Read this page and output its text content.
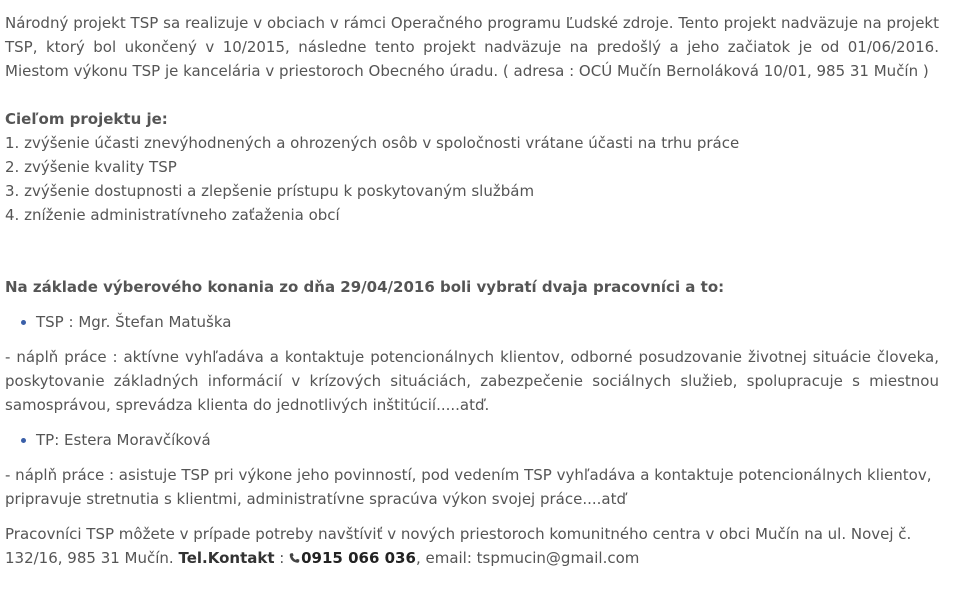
Národný projekt TSP sa realizuje v obciach v rámci Operačného programu Ľudské zdroje. Tento projekt nadväzuje na projekt TSP, ktorý bol ukončený v 10/2015, následne tento projekt nadväzuje na predošlý a jeho začiatok je od 01/06/2016. Miestom výkonu TSP je kancelária v priestoroch Obecného úradu. ( adresa : OCÚ Mučín Bernoláková 10/01, 985 31 Mučín )

Cieľom projektu je:

1. zvýšenie účasti znevýhodnených a ohrozených osôb v spoločnosti vrátane účasti na trhu práce

2. zvýšenie kvality TSP

3. zvýšenie dostupnosti a zlepšenie prístupu k poskytovaným službám

4. zníženie administratívneho zaťaženia obcí

Na základe výberového konania zo dňa 29/04/2016 boli vybratí dvaja pracovníci a to:

TSP : Mgr. Štefan Matuška

- náplň práce : aktívne vyhľadáva a kontaktuje potencionálnych klientov, odborné posudzovanie životnej situácie človeka, poskytovanie základných informácií v krízových situáciách, zabezpečenie sociálnych služieb, spolupracuje s miestnou samosprávou, sprevádza klienta do jednotlivých inštitúcií.....atď.

TP: Estera Moravčíková

- náplň práce : asistuje TSP pri výkone jeho povinností, pod vedením TSP vyhľadáva a kontaktuje potencionálnych klientov, pripravuje stretnutia s klientmi, administratívne spracúva výkon svojej práce....atď

Pracovníci TSP môžete v prípade potreby navštíviť v nových priestoroch komunitného centra v obci Mučín na ul. Novej č. 132/16, 985 31 Mučín. Tel.Kontakt : 0915 066 036, email: tspmucin@gmail.com
